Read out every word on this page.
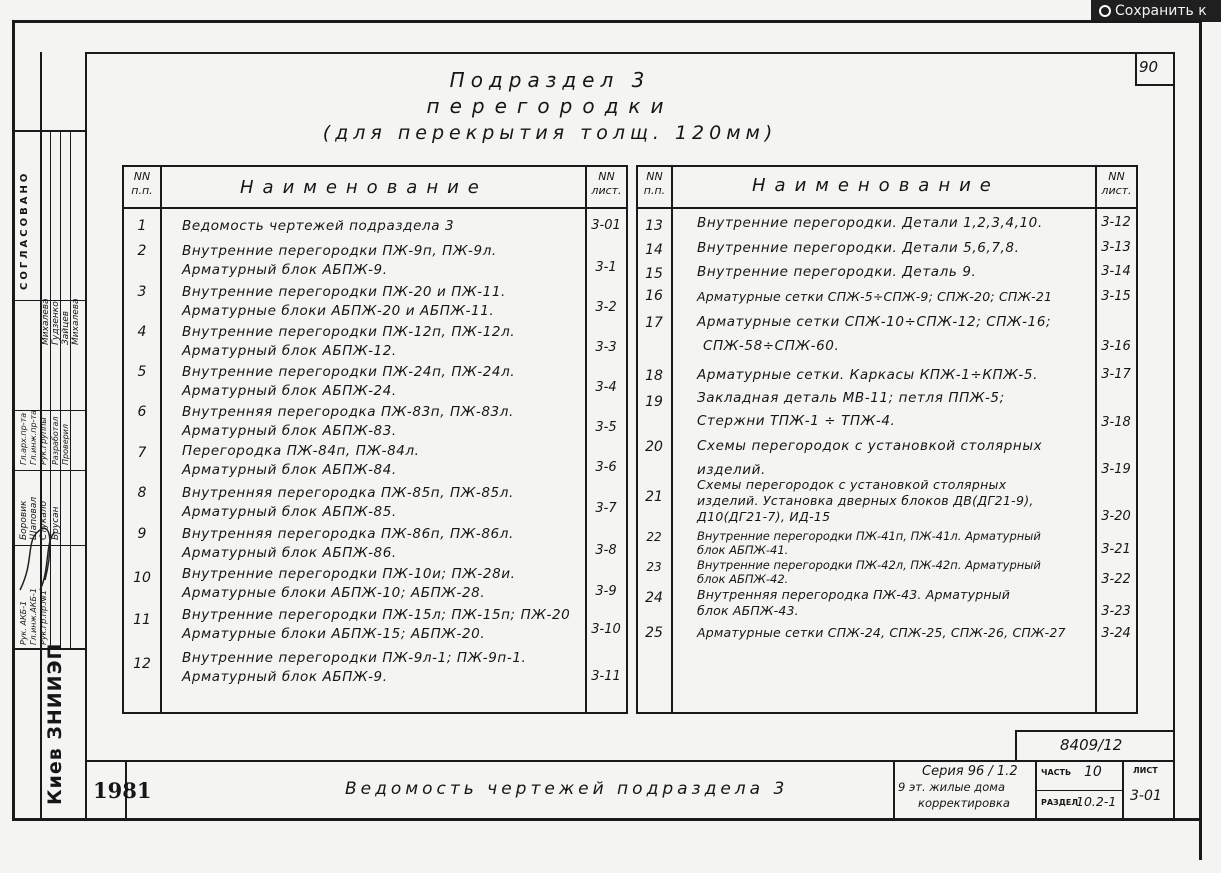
Сохранить к
90
Подраздел 3
перегородки
(для перекрытия толщ. 120мм)
NN п.п.	Наименование
NN лист.
NN п.п.	Наименование	NN лист.
1	Ведомость чертежей подраздела 3	3-01
2	Внутренние перегородки ПЖ-9п, ПЖ-9л.
Арматурный блок АБПЖ-9.	3-1
3	Внутренние перегородки ПЖ-20 и ПЖ-11.
Арматурные блоки АБПЖ-20 и АБПЖ-11.	3-2
4	Внутренние перегородки ПЖ-12п, ПЖ-12л.
Арматурный блок АБПЖ-12.	3-3
5	Внутренние перегородки ПЖ-24п, ПЖ-24л.
Арматурный блок АБПЖ-24.	3-4
6	Внутренняя перегородка ПЖ-83п, ПЖ-83л.
Арматурный блок АБПЖ-83.	3-5
7	Перегородка ПЖ-84п, ПЖ-84л.
Арматурный блок АБПЖ-84.	3-6
8	Внутренняя перегородка ПЖ-85п, ПЖ-85л.
Арматурный блок АБПЖ-85.	3-7
9	Внутренняя перегородка ПЖ-86п, ПЖ-86л.
Арматурный блок АБПЖ-86.	3-8
10	Внутренние перегородки ПЖ-10и; ПЖ-28и.
Арматурные блоки АБПЖ-10; АБПЖ-28.	3-9
11	Внутренние перегородки ПЖ-15л; ПЖ-15п; ПЖ-20
Арматурные блоки АБПЖ-15; АБПЖ-20.	3-10
12	Внутренние перегородки ПЖ-9л-1; ПЖ-9п-1.
Арматурный блок АБПЖ-9.	3-11
13	Внутренние перегородки. Детали 1,2,3,4,10.	3-12
14	Внутренние перегородки. Детали 5,6,7,8.	3-13
15	Внутренние перегородки. Деталь 9.	3-14
16	Арматурные сетки СПЖ-5÷СПЖ-9; СПЖ-20; СПЖ-21	3-15
17	Арматурные сетки СПЖ-10÷СПЖ-12; СПЖ-16;
СПЖ-58÷СПЖ-60.	3-16
18	Арматурные сетки. Каркасы КПЖ-1÷КПЖ-5.	3-17
19	Закладная деталь МВ-11; петля ППЖ-5;
Стержни ТПЖ-1 ÷ ТПЖ-4.	3-18
20	Схемы перегородок с установкой столярных
изделий.	3-19
21
Схемы перегородок с установкой столярных
изделий. Установка дверных блоков ДВ(ДГ21-9),
Д10(ДГ21-7), ИД-15	3-20
22	Внутренние перегородки ПЖ-41п, ПЖ-41л. Арматурный
блок АБПЖ-41.	3-21
23	Внутренние перегородки ПЖ-42л, ПЖ-42п. Арматурный
блок АБПЖ-42.	3-22
24	Внутренняя перегородка ПЖ-43. Арматурный
блок АБПЖ-43.	3-23
25	Арматурные сетки СПЖ-24, СПЖ-25, СПЖ-26, СПЖ-27	3-24
8409/12
1981	Ведомость чертежей подраздела 3
Серия 96 / 1.2
9 эт. жилые дома
корректировка
ЧАСТЬ 10
РАЗДЕЛ
10.2-1
ЛИСТ
3-01
СОГЛАСОВАНО
Киев ЗНИИЭП
Рук. АКБ-1 Гл.инж.АКБ-1 Рук.гр.пр.№1
Гл.арх.пр-та Гл.инж.пр-та Рук.группы Разработал Проверил
Боровик Шаповал Стукало Брусан
Михалева
Зайцев
Гудзенко
Михалева
